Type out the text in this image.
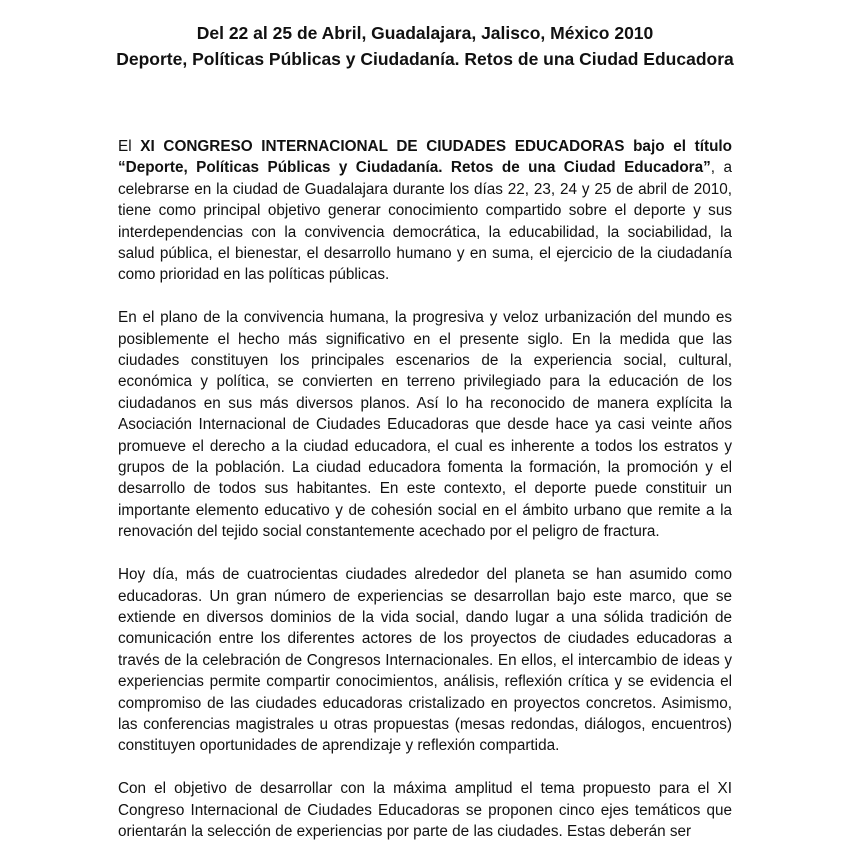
Del 22 al 25 de Abril, Guadalajara, Jalisco, México 2010
Deporte, Políticas Públicas y Ciudadanía. Retos de una Ciudad Educadora

El XI CONGRESO INTERNACIONAL DE CIUDADES EDUCADORAS bajo el título “Deporte, Políticas Públicas y Ciudadanía. Retos de una Ciudad Educadora”, a celebrarse en la ciudad de Guadalajara durante los días 22, 23, 24 y 25 de abril de 2010, tiene como principal objetivo generar conocimiento compartido sobre el deporte y sus interdependencias con la convivencia democrática, la educabilidad, la sociabilidad, la salud pública, el bienestar, el desarrollo humano y en suma, el ejercicio de la ciudadanía como prioridad en las políticas públicas.

En el plano de la convivencia humana, la progresiva y veloz urbanización del mundo es posiblemente el hecho más significativo en el presente siglo. En la medida que las ciudades constituyen los principales escenarios de la experiencia social, cultural, económica y política, se convierten en terreno privilegiado para la educación de los ciudadanos en sus más diversos planos. Así lo ha reconocido de manera explícita la Asociación Internacional de Ciudades Educadoras que desde hace ya casi veinte años promueve el derecho a la ciudad educadora, el cual es inherente a todos los estratos y grupos de la población. La ciudad educadora fomenta la formación, la promoción y el desarrollo de todos sus habitantes. En este contexto, el deporte puede constituir un importante elemento educativo y de cohesión social en el ámbito urbano que remite a la renovación del tejido social constantemente acechado por el peligro de fractura.

Hoy día, más de cuatrocientas ciudades alrededor del planeta se han asumido como educadoras. Un gran número de experiencias se desarrollan bajo este marco, que se extiende en diversos dominios de la vida social, dando lugar a una sólida tradición de comunicación entre los diferentes actores de los proyectos de ciudades educadoras a través de la celebración de Congresos Internacionales. En ellos, el intercambio de ideas y experiencias permite compartir conocimientos, análisis, reflexión crítica y se evidencia el compromiso de las ciudades educadoras cristalizado en proyectos concretos. Asimismo, las conferencias magistrales u otras propuestas (mesas redondas, diálogos, encuentros) constituyen oportunidades de aprendizaje y reflexión compartida.

Con el objetivo de desarrollar con la máxima amplitud el tema propuesto para el XI Congreso Internacional de Ciudades Educadoras se proponen cinco ejes temáticos que orientarán la selección de experiencias por parte de las ciudades. Estas deberán ser
